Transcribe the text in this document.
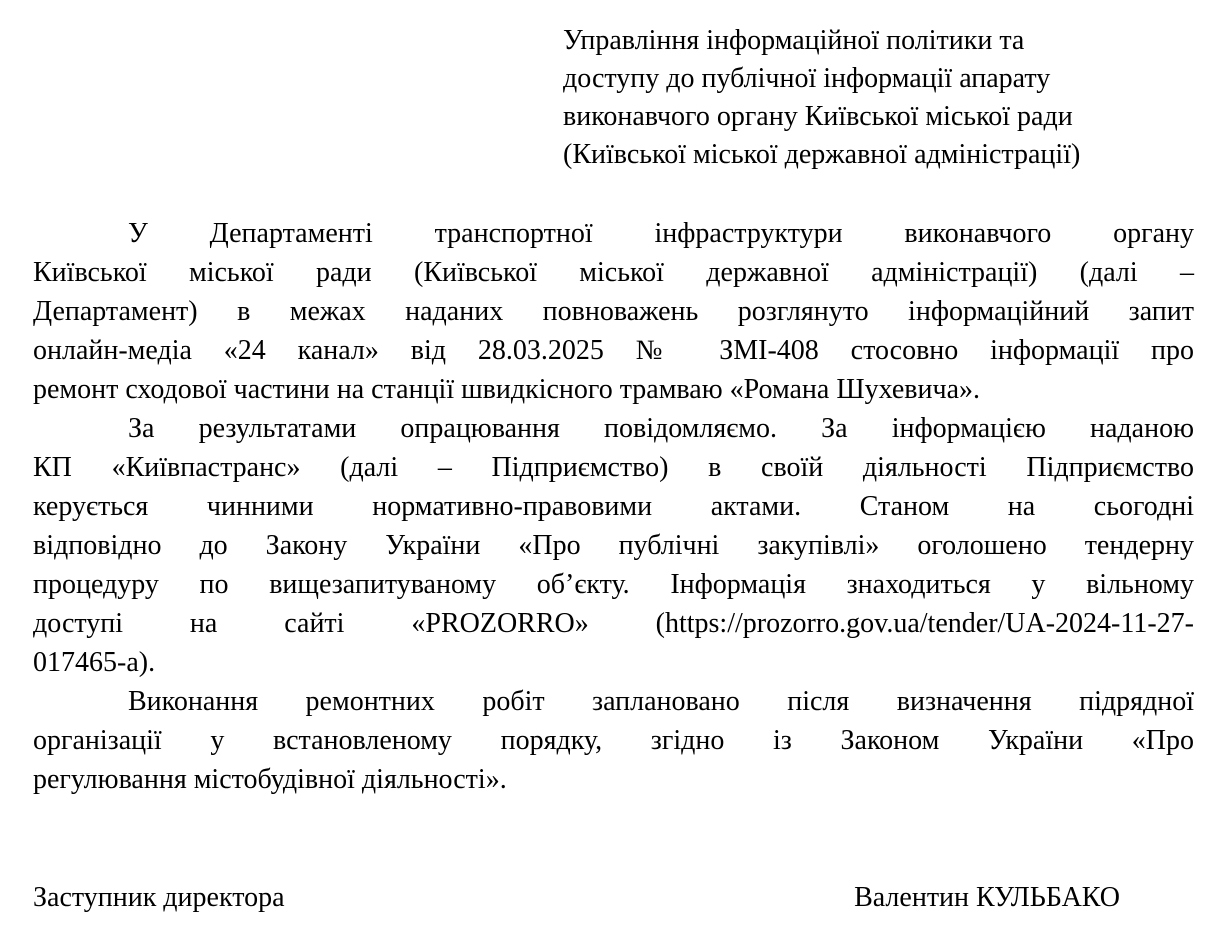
Управління інформаційної політики та
доступу до публічної інформації апарату
виконавчого органу Київської міської ради
(Київської міської державної адміністрації)
У Департаменті транспортної інфраструктури виконавчого органу
Київської міської ради (Київської міської державної адміністрації) (далі –
Департамент) в межах наданих повноважень розглянуто інформаційний запит
онлайн-медіа «24 канал» від 28.03.2025 № ЗМІ-408 стосовно інформації про
ремонт сходової частини на станції швидкісного трамваю «Романа Шухевича».
За результатами опрацювання повідомляємо. За інформацією наданою
КП «Київпастранс» (далі – Підприємство) в своїй діяльності Підприємство
керується чинними нормативно-правовими актами. Станом на сьогодні
відповідно до Закону України «Про публічні закупівлі» оголошено тендерну
процедуру по вищезапитуваному об’єкту. Інформація знаходиться у вільному
доступі на сайті «PROZORRO» (https://prozorro.gov.ua/tender/UA-2024-11-27-
017465-a).
Виконання ремонтних робіт заплановано після визначення підрядної
організації у встановленому порядку, згідно із Законом України «Про
регулювання містобудівної діяльності».
Заступник директора	Валентин КУЛЬБАКО
